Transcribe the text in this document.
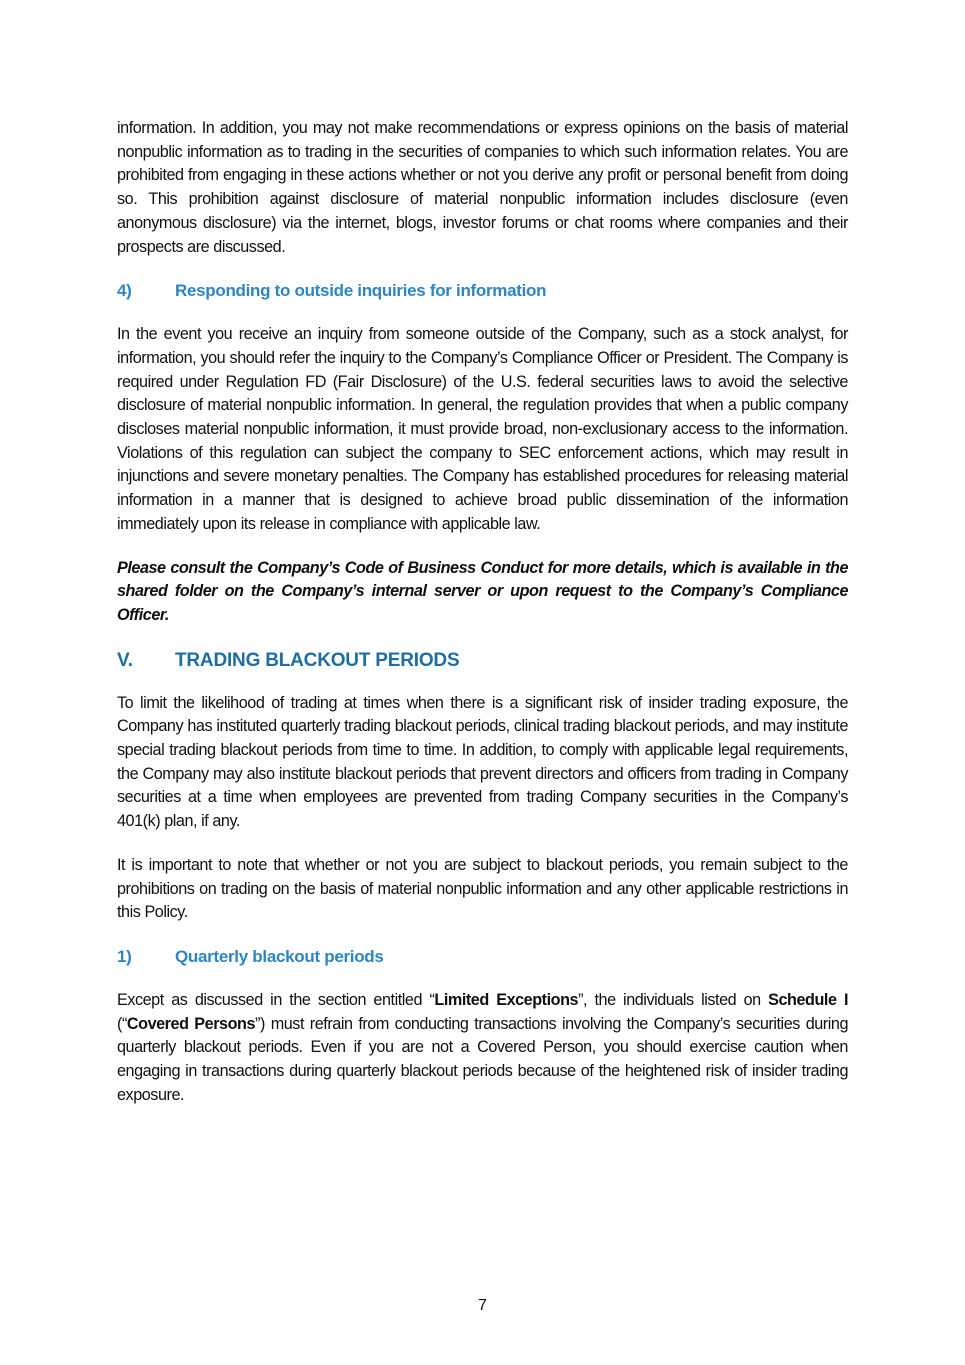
information. In addition, you may not make recommendations or express opinions on the basis of material nonpublic information as to trading in the securities of companies to which such information relates. You are prohibited from engaging in these actions whether or not you derive any profit or personal benefit from doing so. This prohibition against disclosure of material nonpublic information includes disclosure (even anonymous disclosure) via the internet, blogs, investor forums or chat rooms where companies and their prospects are discussed.

4)	Responding to outside inquiries for information

In the event you receive an inquiry from someone outside of the Company, such as a stock analyst, for information, you should refer the inquiry to the Company’s Compliance Officer or President. The Company is required under Regulation FD (Fair Disclosure) of the U.S. federal securities laws to avoid the selective disclosure of material nonpublic information. In general, the regulation provides that when a public company discloses material nonpublic information, it must provide broad, non-exclusionary access to the information. Violations of this regulation can subject the company to SEC enforcement actions, which may result in injunctions and severe monetary penalties. The Company has established procedures for releasing material information in a manner that is designed to achieve broad public dissemination of the information immediately upon its release in compliance with applicable law.

Please consult the Company’s Code of Business Conduct for more details, which is available in the shared folder on the Company’s internal server or upon request to the Company’s Compliance Officer.

V.	TRADING BLACKOUT PERIODS

To limit the likelihood of trading at times when there is a significant risk of insider trading exposure, the Company has instituted quarterly trading blackout periods, clinical trading blackout periods, and may institute special trading blackout periods from time to time. In addition, to comply with applicable legal requirements, the Company may also institute blackout periods that prevent directors and officers from trading in Company securities at a time when employees are prevented from trading Company securities in the Company’s 401(k) plan, if any.

It is important to note that whether or not you are subject to blackout periods, you remain subject to the prohibitions on trading on the basis of material nonpublic information and any other applicable restrictions in this Policy.

1)	Quarterly blackout periods

Except as discussed in the section entitled “Limited Exceptions”, the individuals listed on Schedule I (“Covered Persons”) must refrain from conducting transactions involving the Company’s securities during quarterly blackout periods. Even if you are not a Covered Person, you should exercise caution when engaging in transactions during quarterly blackout periods because of the heightened risk of insider trading exposure.

7
